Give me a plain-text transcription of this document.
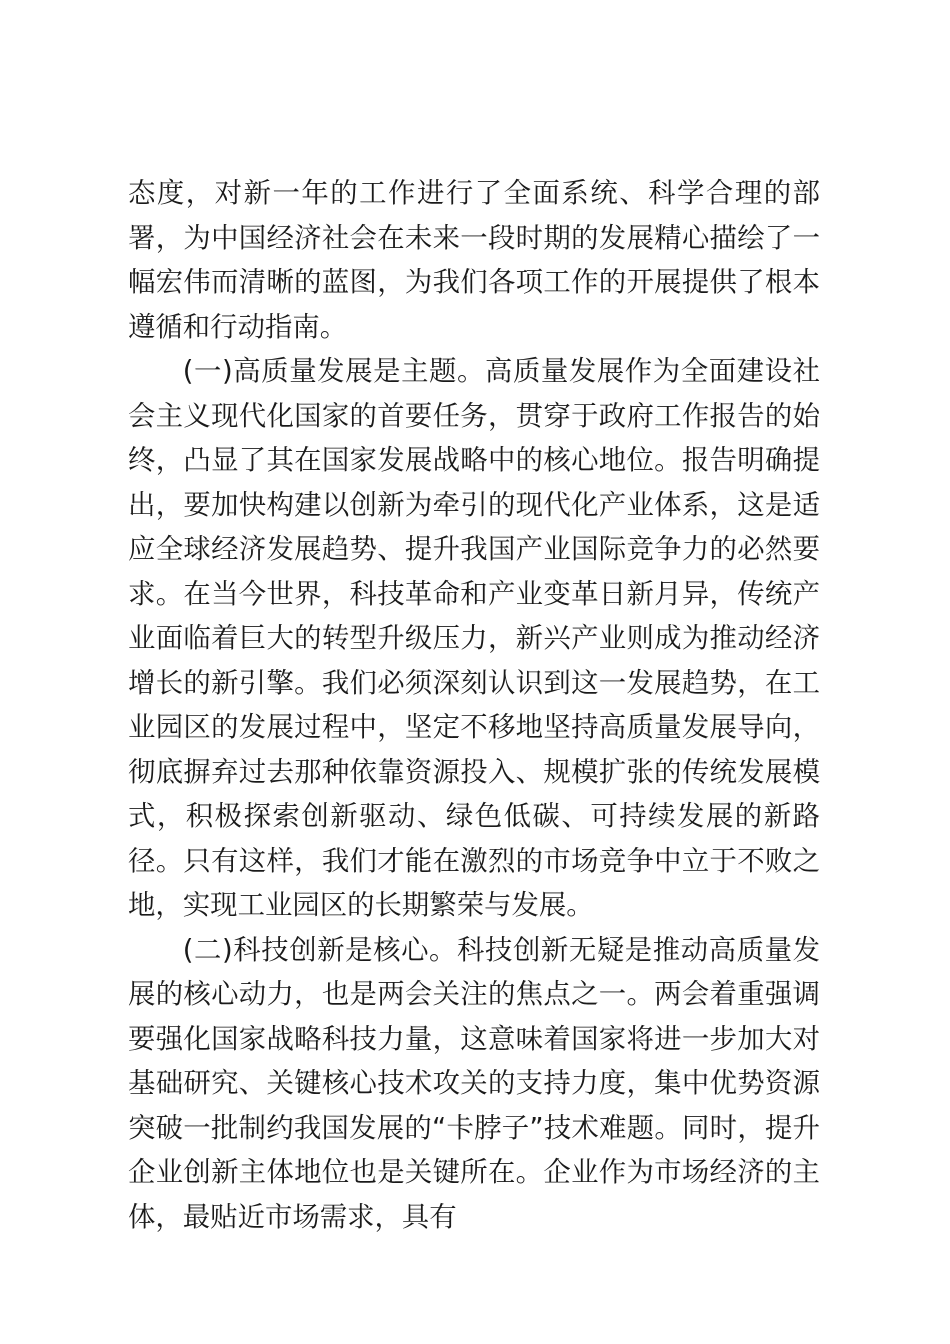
态度，对新一年的工作进行了全面系统、科学合理的部署，为中国经济社会在未来一段时期的发展精心描绘了一幅宏伟而清晰的蓝图，为我们各项工作的开展提供了根本遵循和行动指南。

(一)高质量发展是主题。高质量发展作为全面建设社会主义现代化国家的首要任务，贯穿于政府工作报告的始终，凸显了其在国家发展战略中的核心地位。报告明确提出，要加快构建以创新为牵引的现代化产业体系，这是适应全球经济发展趋势、提升我国产业国际竞争力的必然要求。在当今世界，科技革命和产业变革日新月异，传统产业面临着巨大的转型升级压力，新兴产业则成为推动经济增长的新引擎。我们必须深刻认识到这一发展趋势，在工业园区的发展过程中，坚定不移地坚持高质量发展导向，彻底摒弃过去那种依靠资源投入、规模扩张的传统发展模式，积极探索创新驱动、绿色低碳、可持续发展的新路径。只有这样，我们才能在激烈的市场竞争中立于不败之地，实现工业园区的长期繁荣与发展。

(二)科技创新是核心。科技创新无疑是推动高质量发展的核心动力，也是两会关注的焦点之一。两会着重强调要强化国家战略科技力量，这意味着国家将进一步加大对基础研究、关键核心技术攻关的支持力度，集中优势资源突破一批制约我国发展的“卡脖子”技术难题。同时，提升企业创新主体地位也是关键所在。企业作为市场经济的主体，最贴近市场需求，具有
